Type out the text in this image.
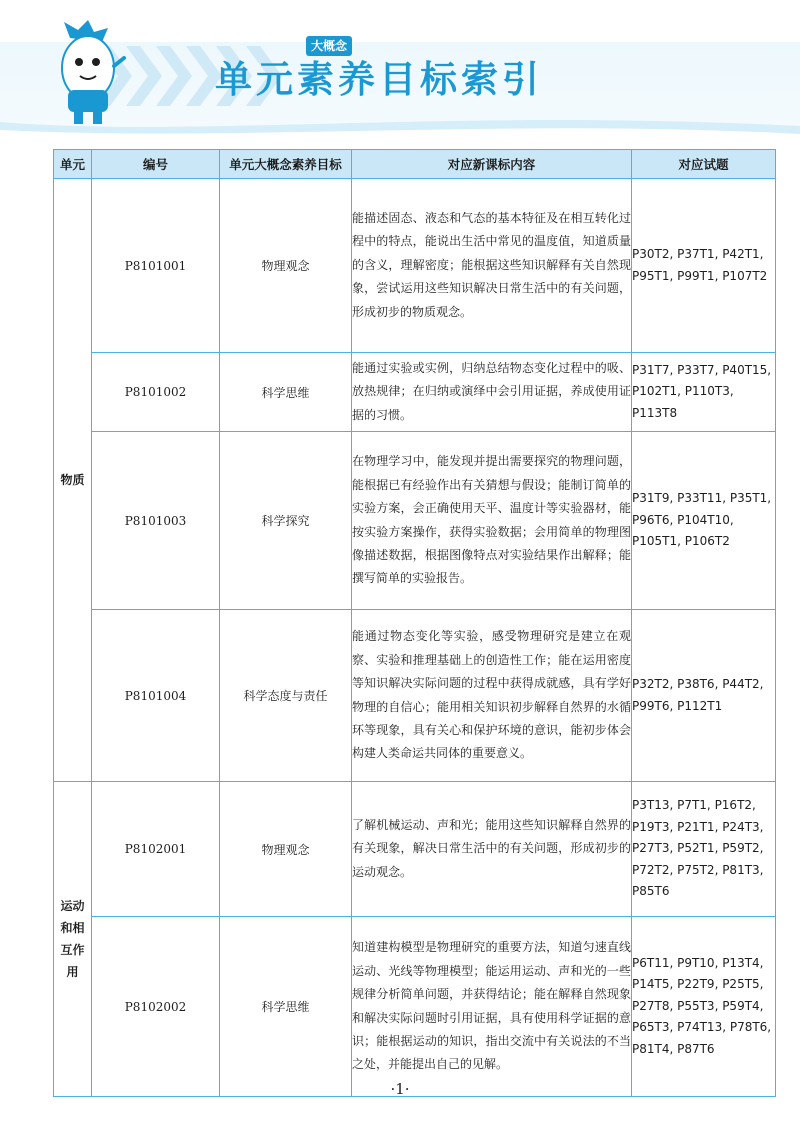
大概念
单元素养目标索引
单元	编号	单元大概念素养目标	对应新课标内容	对应试题
物质	P8101001	物理观念	能描述固态、液态和气态的基本特征及在相互转化过程中的特点，能说出生活中常见的温度值，知道质量的含义，理解密度；能根据这些知识解释有关自然现象，尝试运用这些知识解决日常生活中的有关问题，形成初步的物质观念。	P30T2, P37T1, P42T1, P95T1, P99T1, P107T2
	P8101002	科学思维	能通过实验或实例，归纳总结物态变化过程中的吸、放热规律；在归纳或演绎中会引用证据，养成使用证据的习惯。	P31T7, P33T7, P40T15, P102T1, P110T3, P113T8
	P8101003	科学探究	在物理学习中，能发现并提出需要探究的物理问题，能根据已有经验作出有关猜想与假设；能制订简单的实验方案，会正确使用天平、温度计等实验器材，能按实验方案操作，获得实验数据；会用简单的物理图像描述数据，根据图像特点对实验结果作出解释；能撰写简单的实验报告。	P31T9, P33T11, P35T1, P96T6, P104T10, P105T1, P106T2
	P8101004	科学态度与责任	能通过物态变化等实验，感受物理研究是建立在观察、实验和推理基础上的创造性工作；能在运用密度等知识解决实际问题的过程中获得成就感，具有学好物理的自信心；能用相关知识初步解释自然界的水循环等现象，具有关心和保护环境的意识，能初步体会构建人类命运共同体的重要意义。	P32T2, P38T6, P44T2, P99T6, P112T1

运动和相互作用	P8102001	物理观念	了解机械运动、声和光；能用这些知识解释自然界的有关现象，解决日常生活中的有关问题，形成初步的运动观念。	P3T13, P7T1, P16T2, P19T3, P21T1, P24T3, P27T3, P52T1, P59T2, P72T2, P75T2, P81T3, P85T6
	P8102002	科学思维	知道建构模型是物理研究的重要方法，知道匀速直线运动、光线等物理模型；能运用运动、声和光的一些规律分析简单问题，并获得结论；能在解释自然现象和解决实际问题时引用证据，具有使用科学证据的意识；能根据运动的知识，指出交流中有关说法的不当之处，并能提出自己的见解。	P6T11, P9T10, P13T4, P14T5, P22T9, P25T5, P27T8, P55T3, P59T4, P65T3, P74T13, P78T6, P81T4, P87T6
·1·
